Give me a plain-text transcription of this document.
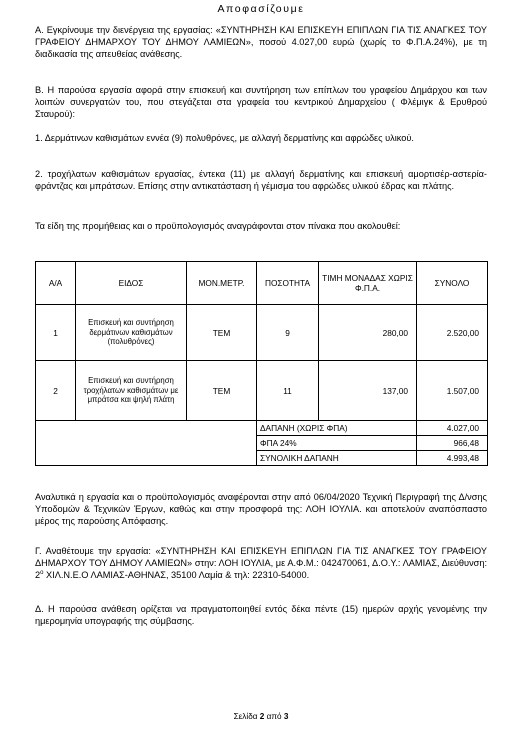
Αποφασίζουμε
Α. Εγκρίνουμε την διενέργεια της εργασίας: «ΣΥΝΤΗΡΗΣΗ ΚΑΙ ΕΠΙΣΚΕΥΗ ΕΠΙΠΛΩΝ ΓΙΑ ΤΙΣ ΑΝΑΓΚΕΣ ΤΟΥ ΓΡΑΦΕΙΟΥ ΔΗΜΑΡΧΟΥ ΤΟΥ ΔΗΜΟΥ ΛΑΜΙΕΩΝ», ποσού 4.027,00 ευρώ (χωρίς το Φ.Π.Α.24%), με τη διαδικασία της απευθείας ανάθεσης.
Β. Η παρούσα εργασία αφορά στην επισκευή και συντήρηση των επίπλων του γραφείου Δημάρχου και των λοιπών συνεργατών του, που στεγάζεται στα γραφεία του κεντρικού Δημαρχείου ( Φλέμιγκ & Ερυθρού Σταυρού):
1. Δερμάτινων καθισμάτων εννέα (9) πολυθρόνες, με αλλαγή δερματίνης και αφρώδες υλικού.
2. τροχήλατων καθισμάτων εργασίας, έντεκα (11) με αλλαγή δερματίνης και επισκευή αμορτισέρ-αστερία-φράντζας και μπράτσων. Επίσης στην αντικατάσταση ή γέμισμα του αφρώδες υλικού έδρας και πλάτης.
Τα είδη της προμήθειας και ο προϋπολογισμός αναγράφονται στον πίνακα που ακολουθεί:
Α/Α	ΕΙΔΟΣ	ΜΟΝ.ΜΕΤΡ.	ΠΟΣΟΤΗΤΑ	ΤΙΜΗ ΜΟΝΑΔΑΣ ΧΩΡΙΣ Φ.Π.Α.	ΣΥΝΟΛΟ
1	Επισκευή και συντήρηση δερμάτινων καθισμάτων (πολυθρόνες)	ΤΕΜ	9	280,00	2.520,00
2	Επισκευή και συντήρηση τροχήλατων καθισμάτων με μπράτσα και ψηλή πλάτη	ΤΕΜ	11	137,00	1.507,00
			ΔΑΠΑΝΗ (ΧΩΡΙΣ ΦΠΑ)		4.027,00
			ΦΠΑ 24%		966,48
			ΣΥΝΟΛΙΚΗ ΔΑΠΑΝΗ		4.993,48
Αναλυτικά η εργασία και ο προϋπολογισμός αναφέρονται στην από 06/04/2020 Τεχνική Περιγραφή της Δ/νσης Υποδομών & Τεχνικών Έργων, καθώς και στην προσφορά της: ΛΟΗ ΙΟΥΛΙΑ. και αποτελούν αναπόσπαστο μέρος της παρούσης Απόφασης.
Γ. Αναθέτουμε την εργασία: «ΣΥΝΤΗΡΗΣΗ ΚΑΙ ΕΠΙΣΚΕΥΗ ΕΠΙΠΛΩΝ ΓΙΑ ΤΙΣ ΑΝΑΓΚΕΣ ΤΟΥ ΓΡΑΦΕΙΟΥ ΔΗΜΑΡΧΟΥ ΤΟΥ ΔΗΜΟΥ ΛΑΜΙΕΩΝ» στην: ΛΟΗ ΙΟΥΛΙΑ, με Α.Φ.Μ.: 042470061, Δ.Ο.Υ.: ΛΑΜΙΑΣ, Διεύθυνση: $2^o$ ΧΙΛ.Ν.Ε.Ο ΛΑΜΙΑΣ-ΑΘΗΝΑΣ, 35100 Λαμία & τηλ: 22310-54000.
Δ. Η παρούσα ανάθεση ορίζεται να πραγματοποιηθεί εντός δέκα πέντε (15) ημερών αρχής γενομένης την ημερομηνία υπογραφής της σύμβασης.
Σελίδα 2 από 3
